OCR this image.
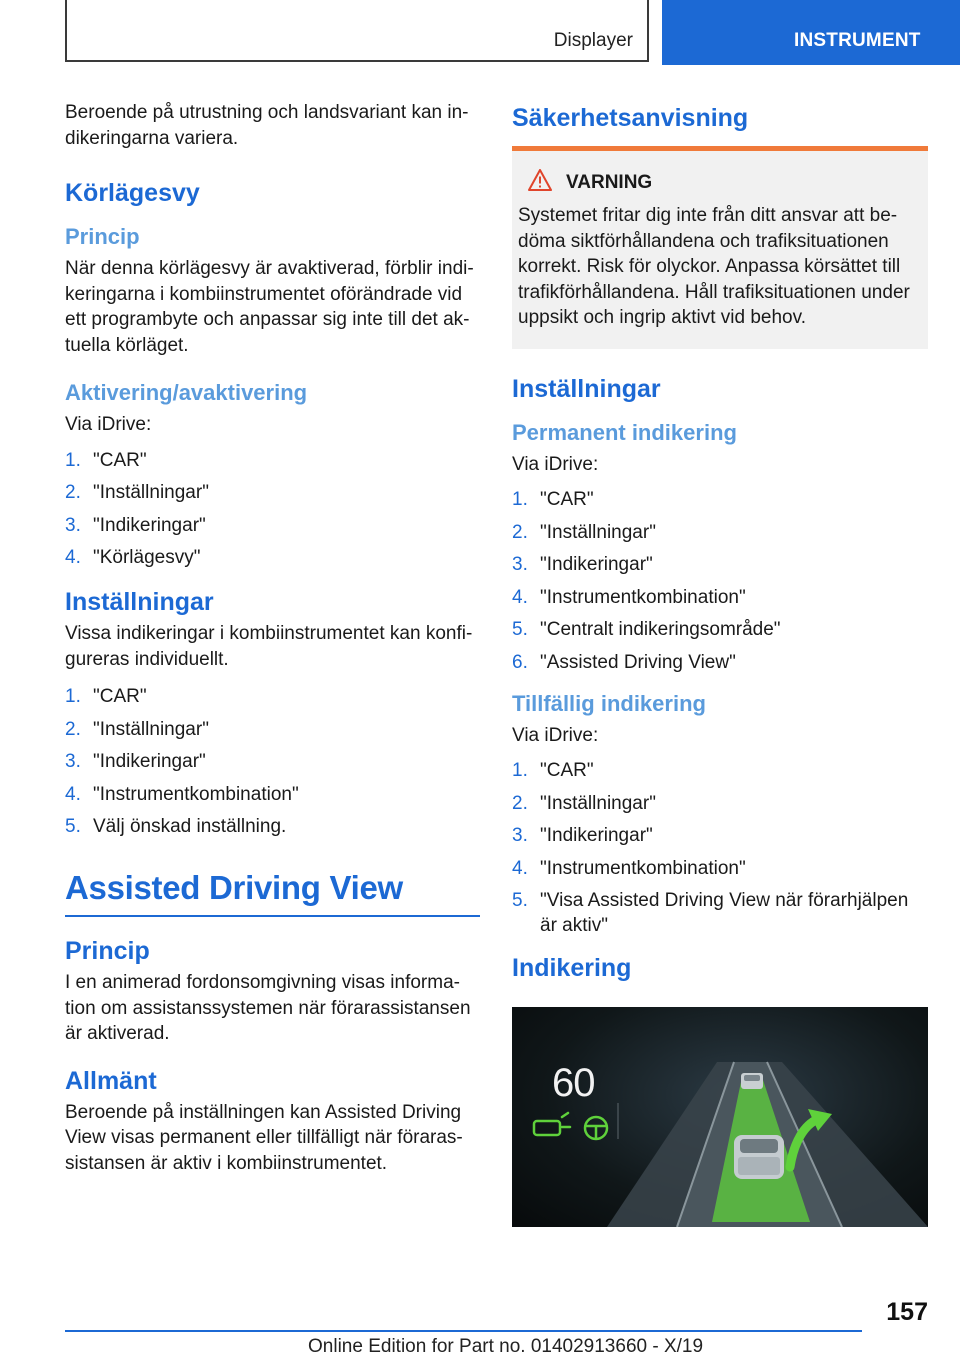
Displayer	INSTRUMENT

Beroende på utrustning och landsvariant kan in-dikeringarna variera.

Körlägesvy
Princip

När denna körlägesvy är avaktiverad, förblir indi-keringarna i kombiinstrumentet oförändrade vid ett programbyte och anpassar sig inte till det ak-tuella körläget.

Aktivering/avaktivering

Via iDrive:

1. "CAR"
2. "Inställningar"
3. "Indikeringar"
4. "Körlägesvy"
Inställningar

Vissa indikeringar i kombiinstrumentet kan konfi-gureras individuellt.

1. "CAR"
2. "Inställningar"
3. "Indikeringar"
4. "Instrumentkombination"
5. Välj önskad inställning.
Assisted Driving View
Princip

I en animerad fordonsomgivning visas informa-tion om assistanssystemen när förarassistansen är aktiverad.

Allmänt

Beroende på inställningen kan Assisted Driving View visas permanent eller tillfälligt när föraras-sistansen är aktiv i kombiinstrumentet.

Säkerhetsanvisning
VARNING

Systemet fritar dig inte från ditt ansvar att be-döma siktförhållandena och trafiksituationen korrekt. Risk för olyckor. Anpassa körsättet till trafikförhållandena. Håll trafiksituationen under uppsikt och ingrip aktivt vid behov.

Inställningar
Permanent indikering

Via iDrive:

1. "CAR"
2. "Inställningar"
3. "Indikeringar"
4. "Instrumentkombination"
5. "Centralt indikeringsområde"
6. "Assisted Driving View"
Tillfällig indikering

Via iDrive:

1. "CAR"
2. "Inställningar"
3. "Indikeringar"
4. "Instrumentkombination"
5. "Visa Assisted Driving View när förarhjälpen är aktiv"
Indikering
60
157
Online Edition for Part no. 01402913660 - X/19
